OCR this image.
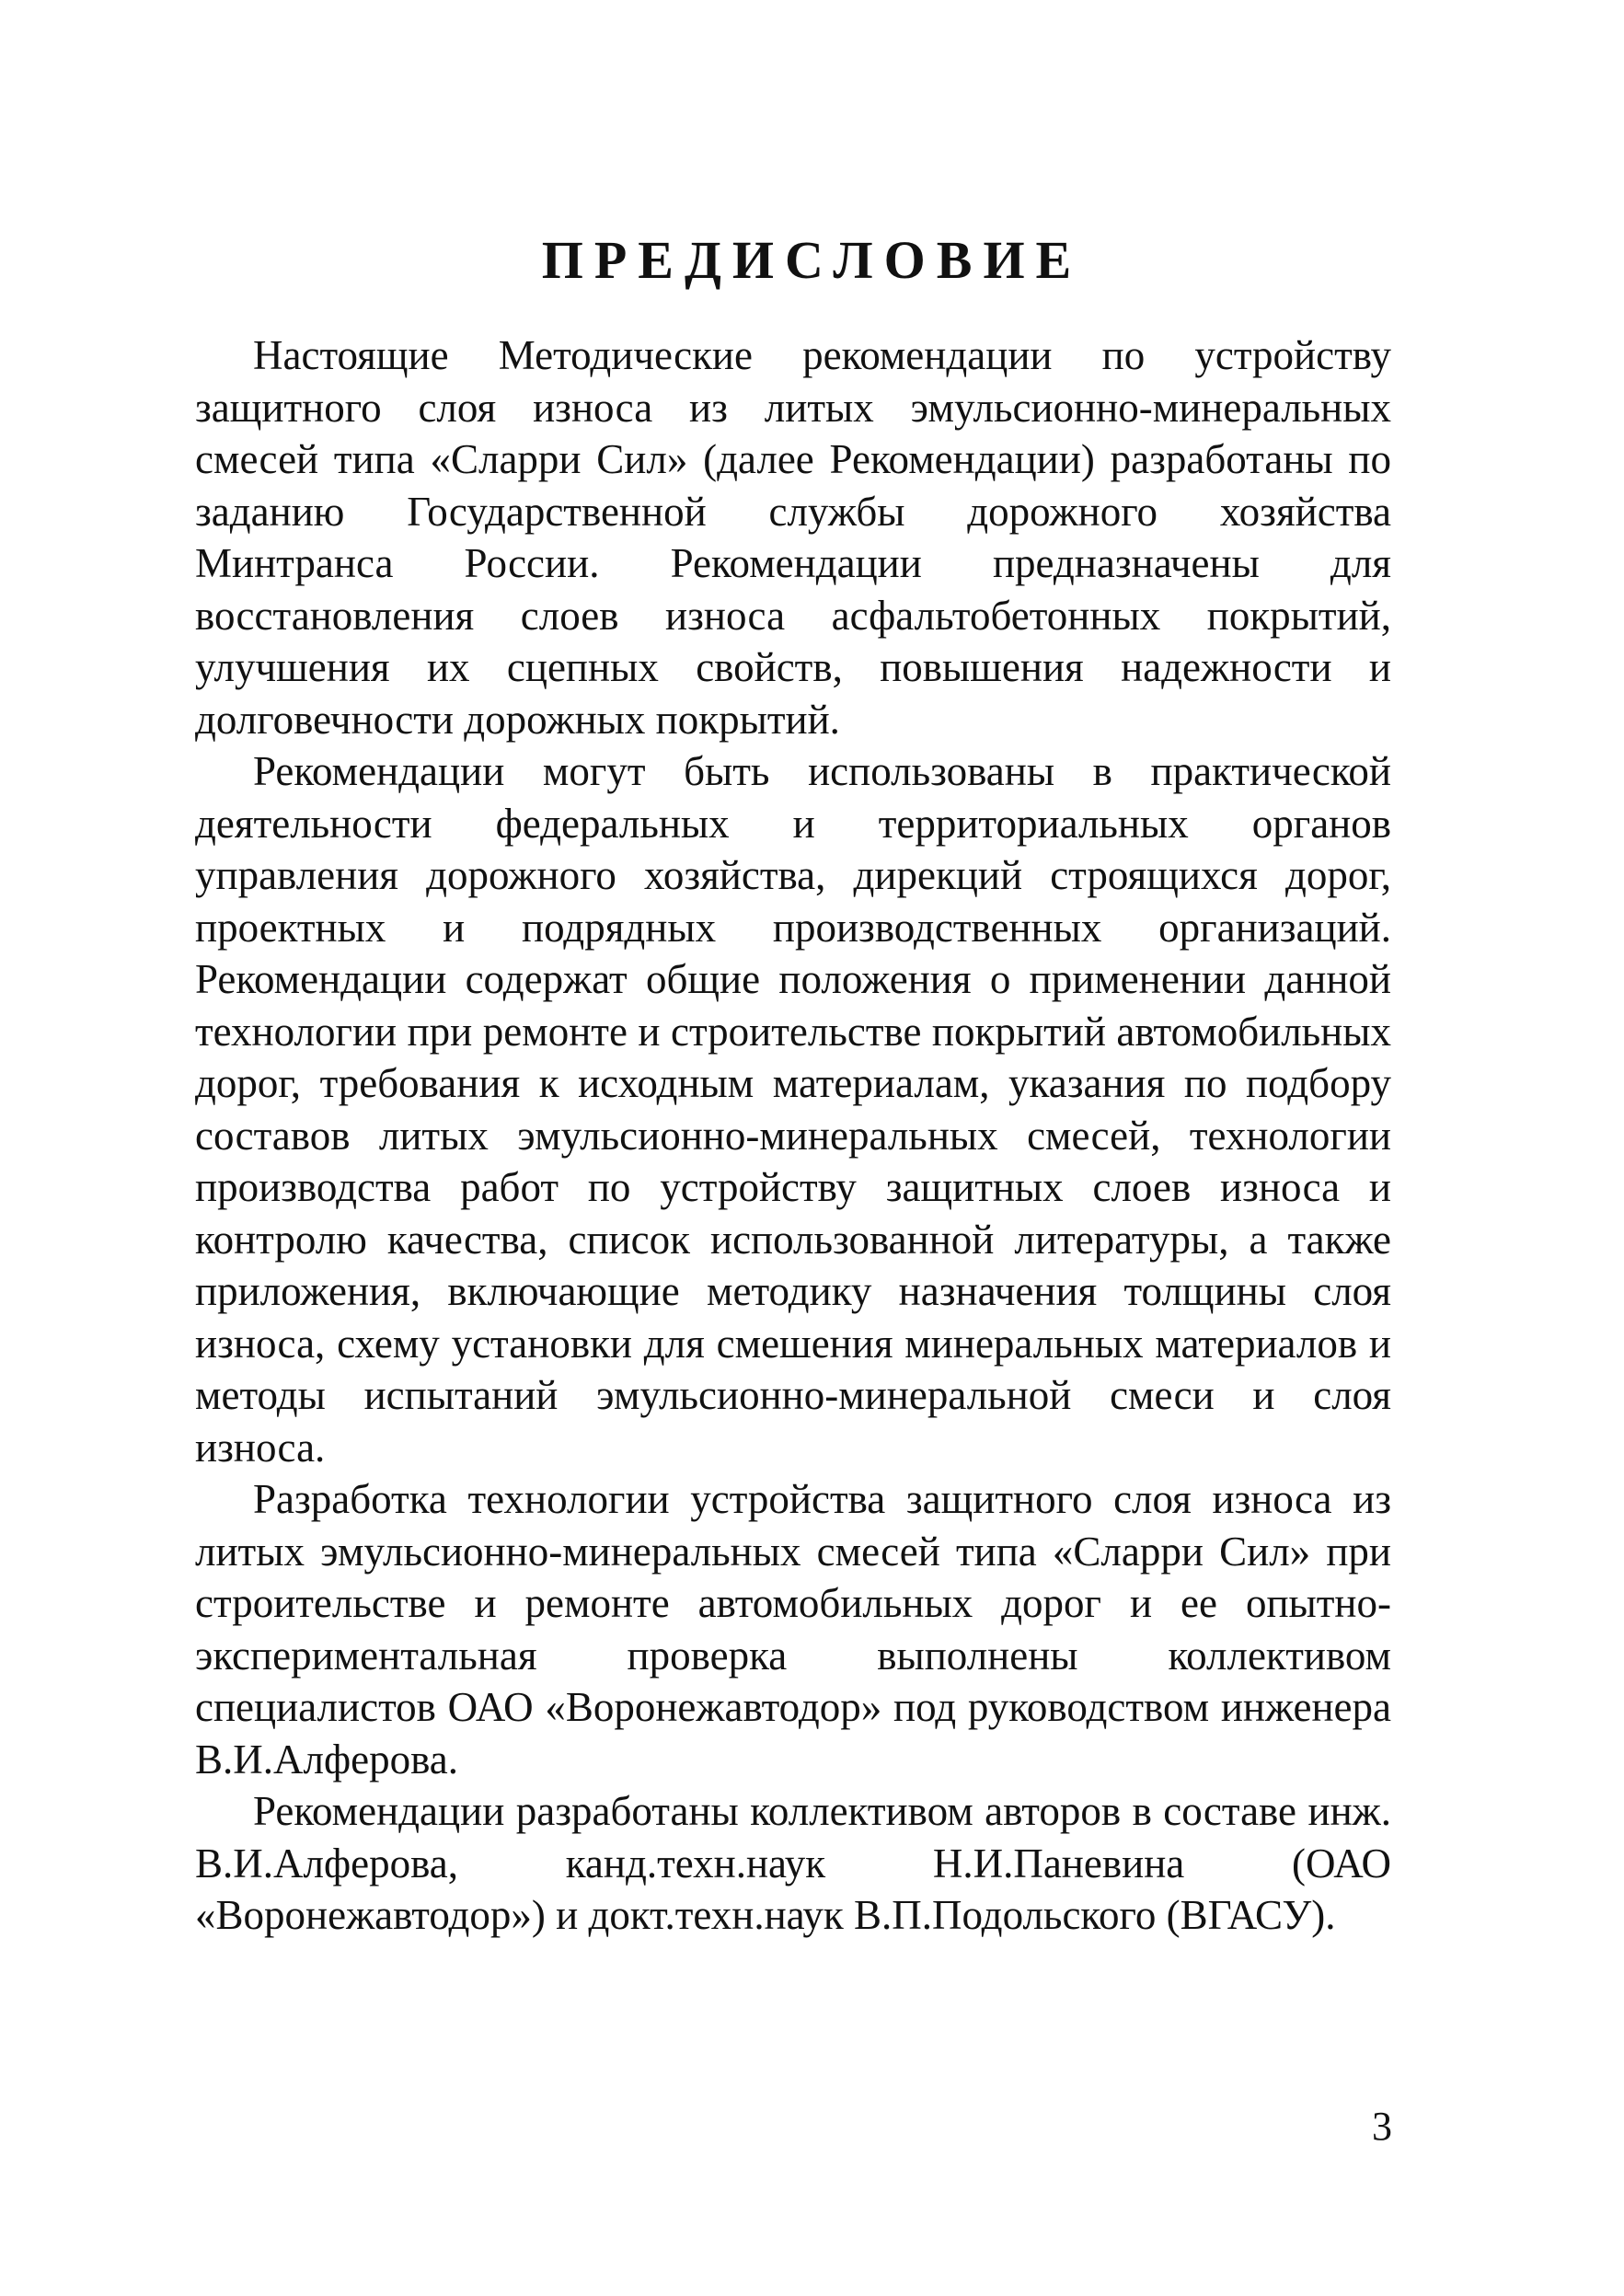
ПРЕДИСЛОВИЕ

Настоящие Методические рекомендации по устройству защитного слоя износа из литых эмульсионно-минеральных смесей типа «Сларри Сил» (далее Рекомендации) разработаны по заданию Государственной службы дорожного хозяйства Минтранса России. Рекомендации предназначены для восстановления слоев износа асфальтобетонных покрытий, улучшения их сцепных свойств, повышения надежности и долговечности дорожных покрытий.

Рекомендации могут быть использованы в практической деятельности федеральных и территориальных органов управления дорожного хозяйства, дирекций строящихся дорог, проектных и подрядных производственных организаций. Рекомендации содержат общие положения о применении данной технологии при ремонте и строительстве покрытий автомобильных дорог, требования к исходным материалам, указания по подбору составов литых эмульсионно-минеральных смесей, технологии производства работ по устройству защитных слоев износа и контролю качества, список использованной литературы, а также приложения, включающие методику назначения толщины слоя износа, схему установки для смешения минеральных материалов и методы испытаний эмульсионно-минеральной смеси и слоя износа.

Разработка технологии устройства защитного слоя износа из литых эмульсионно-минеральных смесей типа «Сларри Сил» при строительстве и ремонте автомобильных дорог и ее опытно-экспериментальная проверка выполнены коллективом специалистов ОАО «Воронежавтодор» под руководством инженера В.И.Алферова.

Рекомендации разработаны коллективом авторов в составе инж. В.И.Алферова, канд.техн.наук Н.И.Паневина (ОАО «Воронежавтодор») и докт.техн.наук В.П.Подольского (ВГАСУ).

3
